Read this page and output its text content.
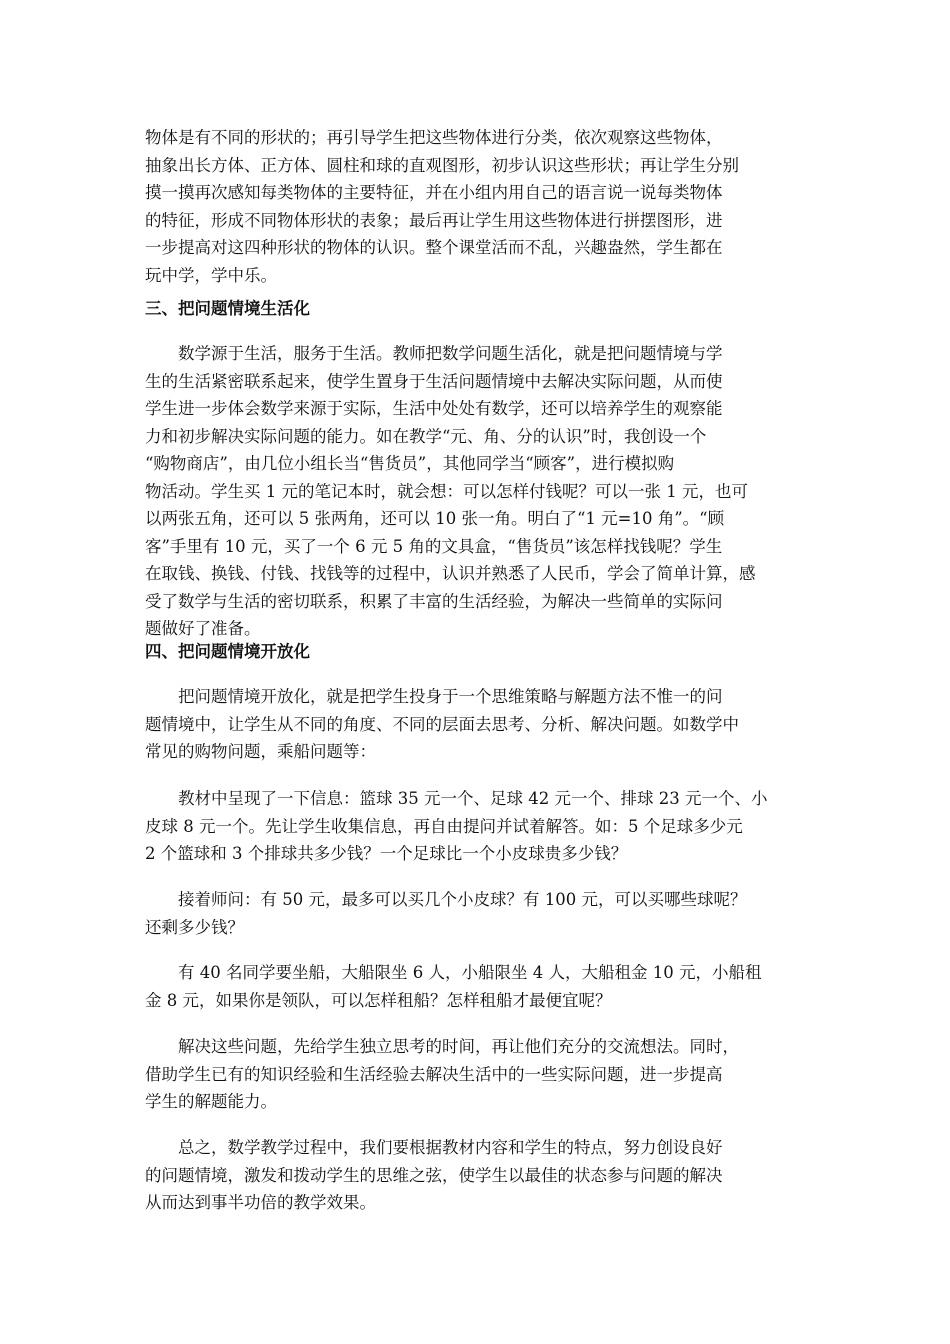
物体是有不同的形状的；再引导学生把这些物体进行分类，依次观察这些物体，
抽象出长方体、正方体、圆柱和球的直观图形，初步认识这些形状；再让学生分别
摸一摸再次感知每类物体的主要特征，并在小组内用自己的语言说一说每类物体
的特征，形成不同物体形状的表象；最后再让学生用这些物体进行拼摆图形，进
一步提高对这四种形状的物体的认识。整个课堂活而不乱，兴趣盎然，学生都在
玩中学，学中乐。

三、把问题情境生活化

　　数学源于生活，服务于生活。教师把数学问题生活化，就是把问题情境与学
生的生活紧密联系起来，使学生置身于生活问题情境中去解决实际问题，从而使
学生进一步体会数学来源于实际，生活中处处有数学，还可以培养学生的观察能
力和初步解决实际问题的能力。如在教学“元、角、分的认识”时，我创设一个
“购物商店”，由几位小组长当“售货员”，其他同学当“顾客”，进行模拟购
物活动。学生买 1 元的笔记本时，就会想：可以怎样付钱呢？可以一张 1 元，也可
以两张五角，还可以 5 张两角，还可以 10 张一角。明白了“1 元=10 角”。“顾
客”手里有 10 元，买了一个 6 元 5 角的文具盒，“售货员”该怎样找钱呢？学生
在取钱、换钱、付钱、找钱等的过程中，认识并熟悉了人民币，学会了简单计算，感
受了数学与生活的密切联系，积累了丰富的生活经验，为解决一些简单的实际问
题做好了准备。

四、把问题情境开放化

　　把问题情境开放化，就是把学生投身于一个思维策略与解题方法不惟一的问
题情境中，让学生从不同的角度、不同的层面去思考、分析、解决问题。如数学中
常见的购物问题，乘船问题等：

　　教材中呈现了一下信息：篮球 35 元一个、足球 42 元一个、排球 23 元一个、小
皮球 8 元一个。先让学生收集信息，再自由提问并试着解答。如：5 个足球多少元
2 个篮球和 3 个排球共多少钱？一个足球比一个小皮球贵多少钱？

　　接着师问：有 50 元，最多可以买几个小皮球？有 100 元，可以买哪些球呢？
还剩多少钱？

　　有 40 名同学要坐船，大船限坐 6 人，小船限坐 4 人，大船租金 10 元，小船租
金 8 元，如果你是领队，可以怎样租船？怎样租船才最便宜呢？

　　解决这些问题，先给学生独立思考的时间，再让他们充分的交流想法。同时，
借助学生已有的知识经验和生活经验去解决生活中的一些实际问题，进一步提高
学生的解题能力。

　　总之，数学教学过程中，我们要根据教材内容和学生的特点，努力创设良好
的问题情境，激发和拨动学生的思维之弦，使学生以最佳的状态参与问题的解决
从而达到事半功倍的教学效果。
